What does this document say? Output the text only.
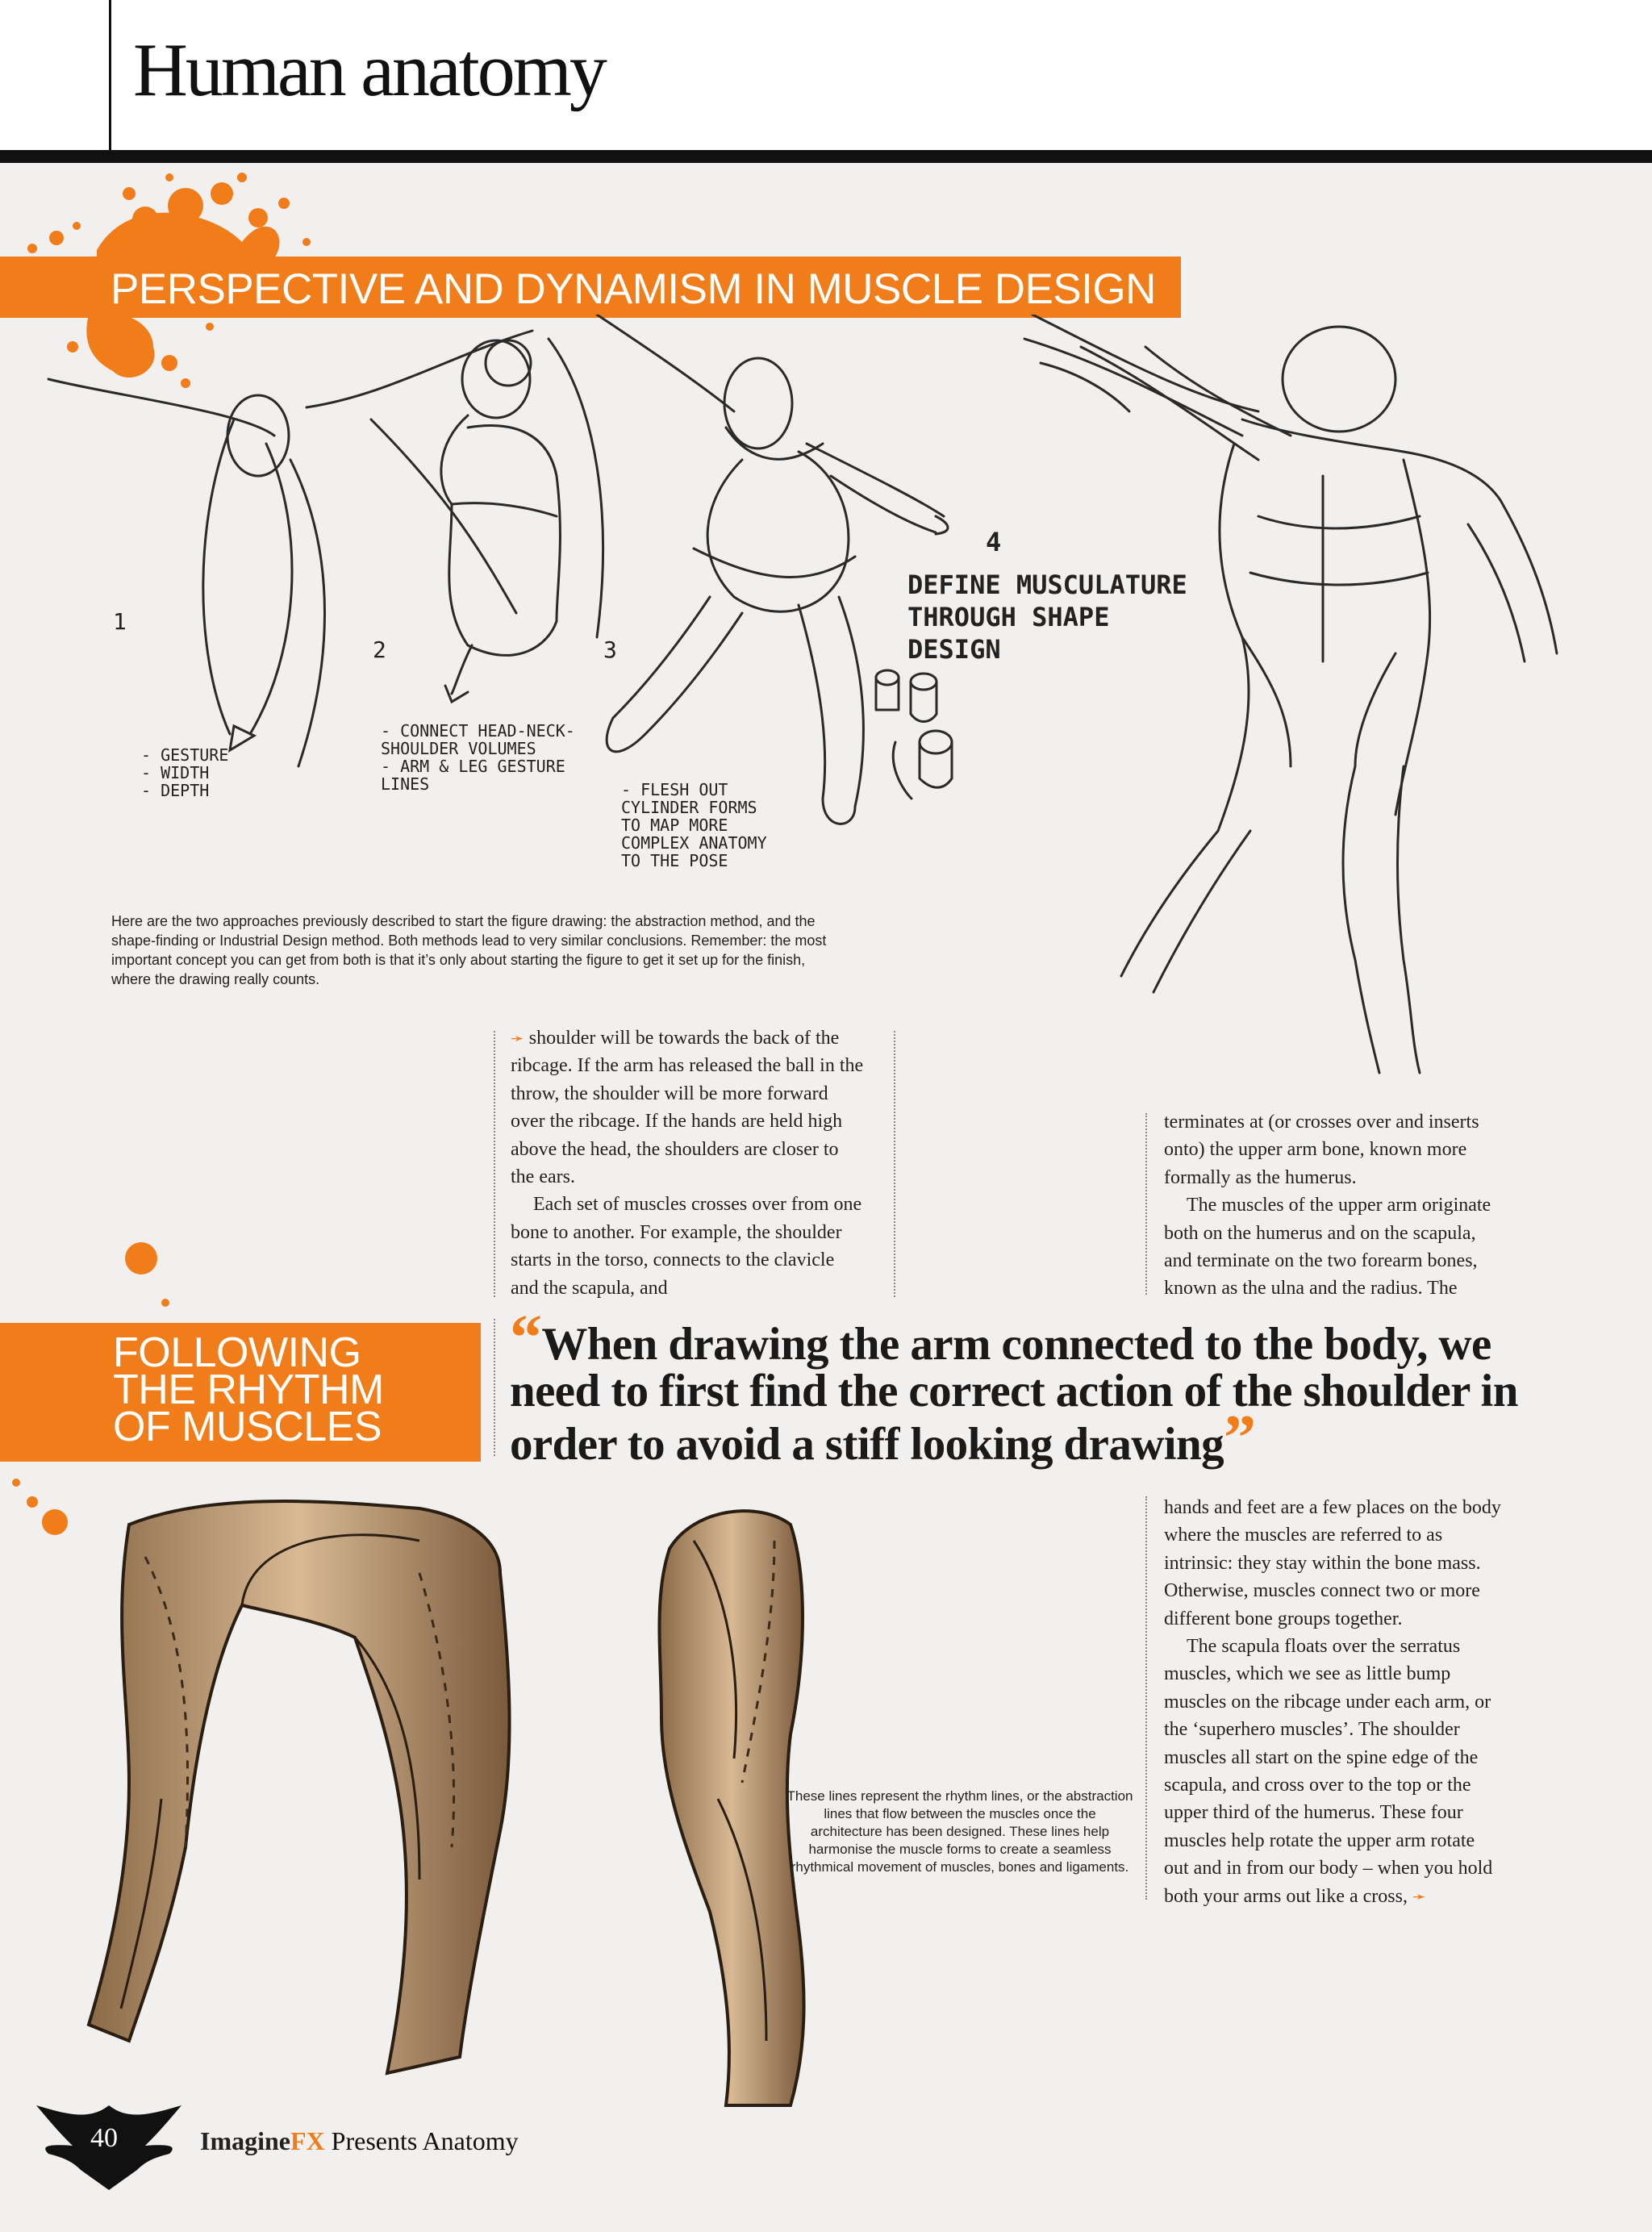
Human anatomy
PERSPECTIVE AND DYNAMISM IN MUSCLE DESIGN
1
2	3
4
- GESTURE
- WIDTH
- DEPTH
- CONNECT HEAD-NECK-
SHOULDER VOLUMES
- ARM & LEG GESTURE
LINES	- FLESH OUT
CYLINDER FORMS
TO MAP MORE
COMPLEX ANATOMY
TO THE POSE
DEFINE MUSCULATURE
THROUGH SHAPE
DESIGN
Here are the two approaches previously described to start the figure drawing: the abstraction method, and the shape-finding or Industrial Design method. Both methods lead to very similar conclusions. Remember: the most important concept you can get from both is that it’s only about starting the figure to get it set up for the finish, where the drawing really counts.

➛ shoulder will be towards the back of the ribcage. If the arm has released the ball in the throw, the shoulder will be more forward over the ribcage. If the hands are held high above the head, the shoulders are closer to the ears.

Each set of muscles crosses over from one bone to another. For example, the shoulder starts in the torso, connects to the clavicle and the scapula, and

terminates at (or crosses over and inserts onto) the upper arm bone, known more formally as the humerus.

The muscles of the upper arm originate both on the humerus and on the scapula, and terminate on the two forearm bones, known as the ulna and the radius. The

FOLLOWING
THE RHYTHM
OF MUSCLES
“When drawing the arm connected to the body, we need to first find the correct action of the shoulder in order to avoid a stiff looking drawing”
These lines represent the rhythm lines, or the abstraction lines that flow between the muscles once the architecture has been designed. These lines help harmonise the muscle forms to create a seamless rhythmical movement of muscles, bones and ligaments.

hands and feet are a few places on the body where the muscles are referred to as intrinsic: they stay within the bone mass. Otherwise, muscles connect two or more different bone groups together.

The scapula floats over the serratus muscles, which we see as little bump muscles on the ribcage under each arm, or the ‘superhero muscles’. The shoulder muscles all start on the spine edge of the scapula, and cross over to the top or the upper third of the humerus. These four muscles help rotate the upper arm rotate out and in from our body – when you hold both your arms out like a cross, ➛

40	ImagineFX Presents Anatomy
